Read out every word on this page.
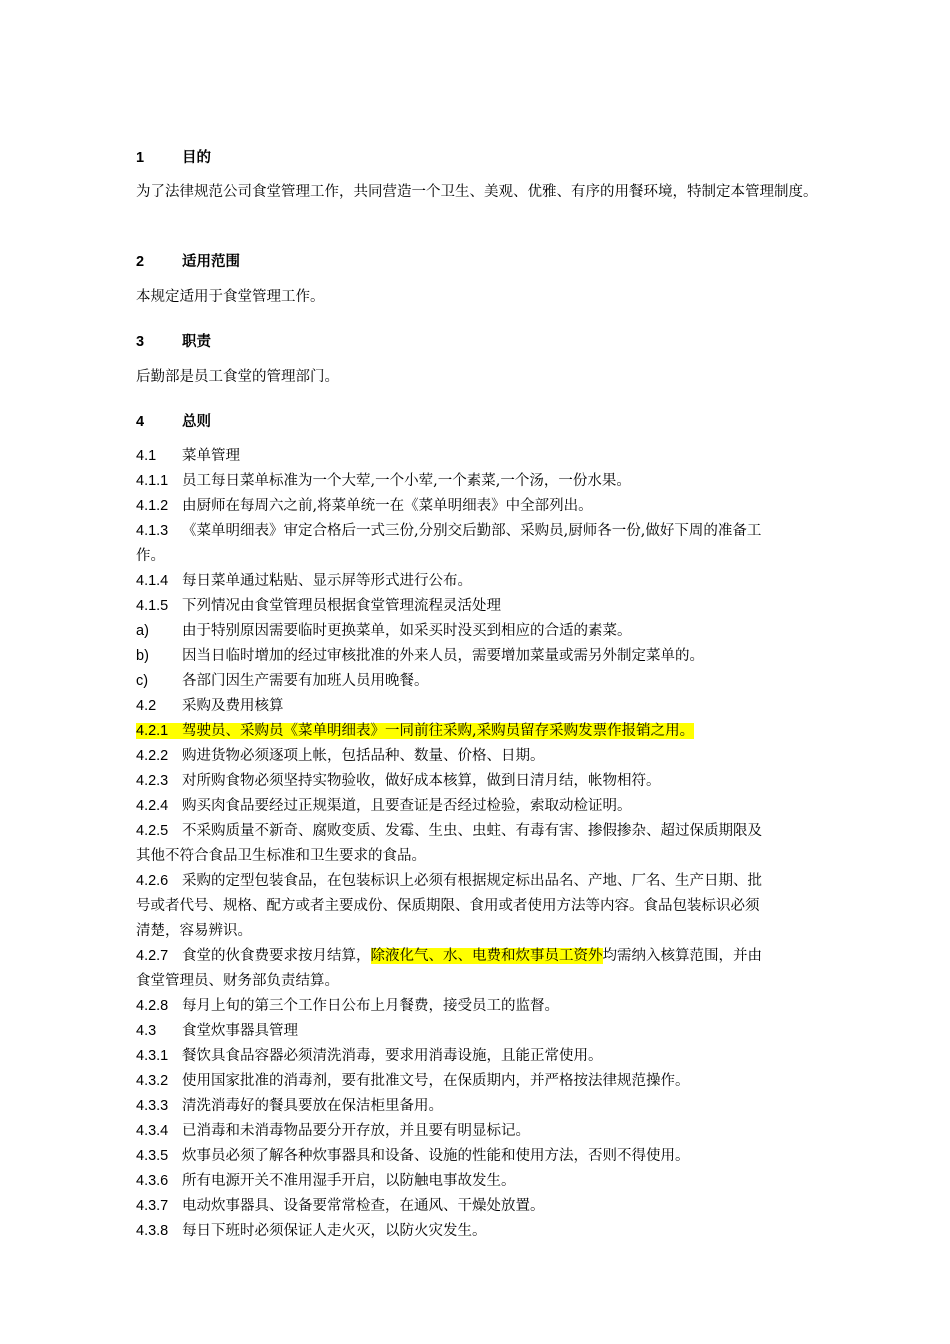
1	目的
为了法律规范公司食堂管理工作，共同营造一个卫生、美观、优雅、有序的用餐环境，特制定本管理制度。
2	适用范围
本规定适用于食堂管理工作。
3	职责
后勤部是员工食堂的管理部门。
4	总则
4.1 菜单管理
4.1.1 员工每日菜单标准为一个大荤,一个小荤,一个素菜,一个汤，一份水果。
4.1.2 由厨师在每周六之前,将菜单统一在《菜单明细表》中全部列出。
4.1.3 《菜单明细表》审定合格后一式三份,分别交后勤部、采购员,厨师各一份,做好下周的准备工
作。
4.1.4 每日菜单通过粘贴、显示屏等形式进行公布。
4.1.5 下列情况由食堂管理员根据食堂管理流程灵活处理
a) 由于特别原因需要临时更换菜单，如采买时没买到相应的合适的素菜。
b) 因当日临时增加的经过审核批准的外来人员，需要增加菜量或需另外制定菜单的。
c) 各部门因生产需要有加班人员用晚餐。
4.2 采购及费用核算
4.2.1 驾驶员、采购员《菜单明细表》一同前往采购,采购员留存采购发票作报销之用。
4.2.2 购进货物必须逐项上帐，包括品种、数量、价格、日期。
4.2.3 对所购食物必须坚持实物验收，做好成本核算，做到日清月结，帐物相符。
4.2.4 购买肉食品要经过正规渠道，且要查证是否经过检验，索取动检证明。
4.2.5 不采购质量不新奇、腐败变质、发霉、生虫、虫蛀、有毒有害、掺假掺杂、超过保质期限及
其他不符合食品卫生标准和卫生要求的食品。
4.2.6 采购的定型包装食品，在包装标识上必须有根据规定标出品名、产地、厂名、生产日期、批
号或者代号、规格、配方或者主要成份、保质期限、食用或者使用方法等内容。食品包装标识必须
清楚，容易辨识。
4.2.7 食堂的伙食费要求按月结算，除液化气、水、电费和炊事员工资外均需纳入核算范围，并由
食堂管理员、财务部负责结算。
4.2.8 每月上旬的第三个工作日公布上月餐费，接受员工的监督。
4.3 食堂炊事器具管理
4.3.1 餐饮具食品容器必须清洗消毒，要求用消毒设施，且能正常使用。
4.3.2 使用国家批准的消毒剂，要有批准文号，在保质期内，并严格按法律规范操作。
4.3.3 清洗消毒好的餐具要放在保洁柜里备用。
4.3.4 已消毒和未消毒物品要分开存放，并且要有明显标记。
4.3.5 炊事员必须了解各种炊事器具和设备、设施的性能和使用方法，否则不得使用。
4.3.6 所有电源开关不准用湿手开启，以防触电事故发生。
4.3.7 电动炊事器具、设备要常常检查，在通风、干燥处放置。
4.3.8 每日下班时必须保证人走火灭，以防火灾发生。
